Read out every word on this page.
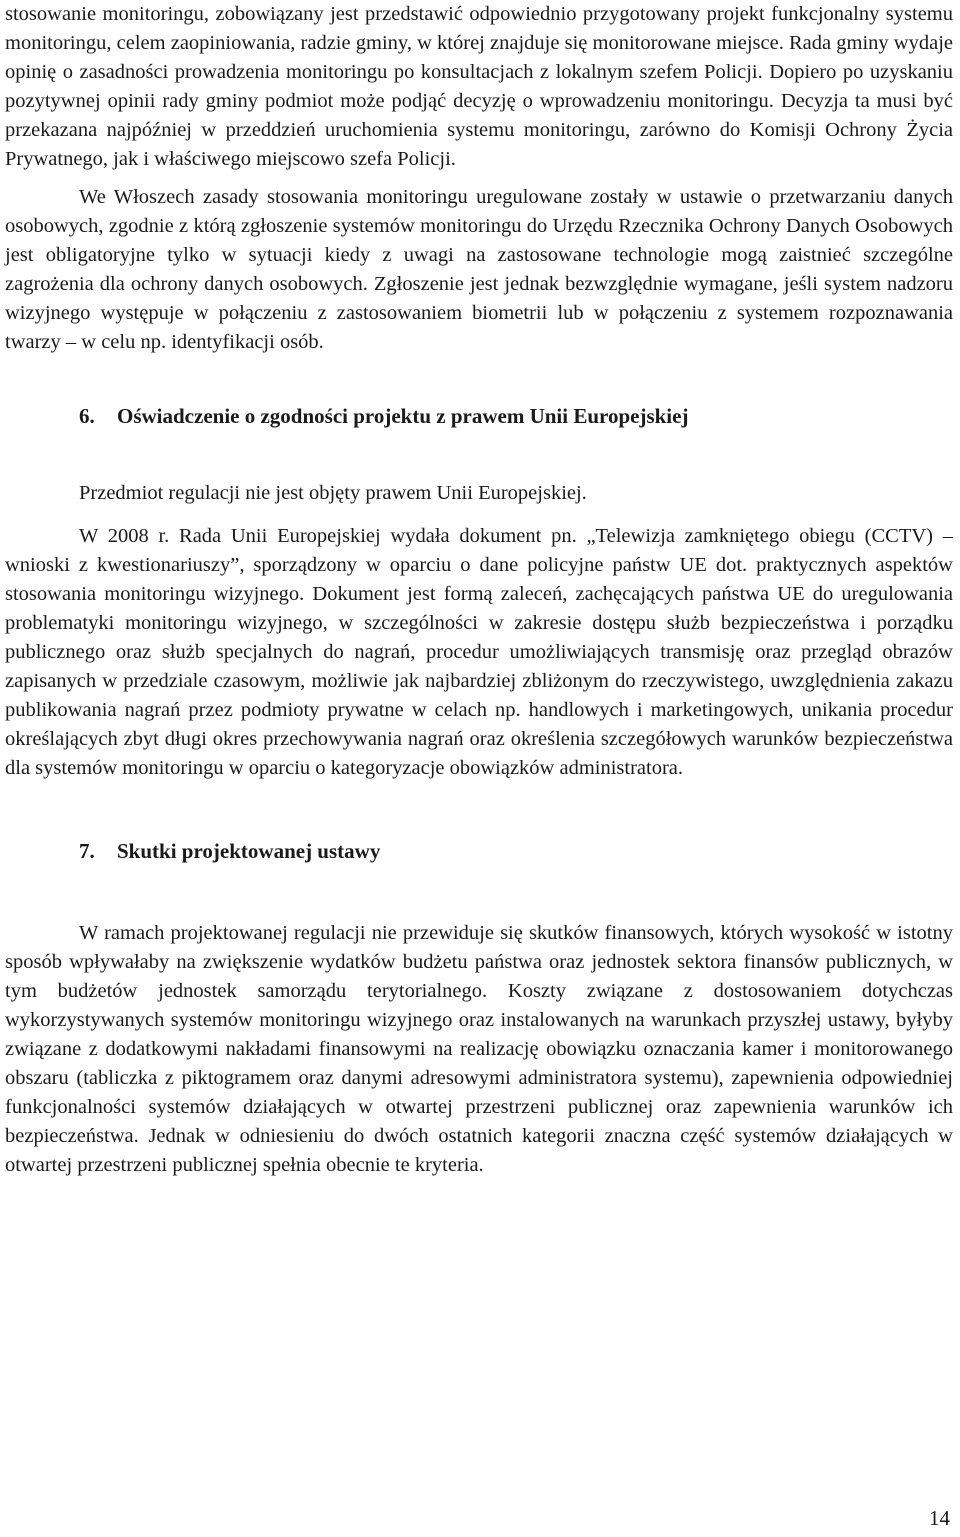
stosowanie monitoringu, zobowiązany jest przedstawić odpowiednio przygotowany projekt funkcjonalny systemu monitoringu, celem zaopiniowania, radzie gminy, w której znajduje się monitorowane miejsce. Rada gminy wydaje opinię o zasadności prowadzenia monitoringu po konsultacjach z lokalnym szefem Policji. Dopiero po uzyskaniu pozytywnej opinii rady gminy podmiot może podjąć decyzję o wprowadzeniu monitoringu. Decyzja ta musi być przekazana najpóźniej w przeddzień uruchomienia systemu monitoringu, zarówno do Komisji Ochrony Życia Prywatnego, jak i właściwego miejscowo szefa Policji.

We Włoszech zasady stosowania monitoringu uregulowane zostały w ustawie o przetwarzaniu danych osobowych, zgodnie z którą zgłoszenie systemów monitoringu do Urzędu Rzecznika Ochrony Danych Osobowych jest obligatoryjne tylko w sytuacji kiedy z uwagi na zastosowane technologie mogą zaistnieć szczególne zagrożenia dla ochrony danych osobowych. Zgłoszenie jest jednak bezwzględnie wymagane, jeśli system nadzoru wizyjnego występuje w połączeniu z zastosowaniem biometrii lub w połączeniu z systemem rozpoznawania twarzy – w celu np. identyfikacji osób.

6. Oświadczenie o zgodności projektu z prawem Unii Europejskiej

Przedmiot regulacji nie jest objęty prawem Unii Europejskiej.

W 2008 r. Rada Unii Europejskiej wydała dokument pn. „Telewizja zamkniętego obiegu (CCTV) – wnioski z kwestionariuszy”, sporządzony w oparciu o dane policyjne państw UE dot. praktycznych aspektów stosowania monitoringu wizyjnego. Dokument jest formą zaleceń, zachęcających państwa UE do uregulowania problematyki monitoringu wizyjnego, w szczególności w zakresie dostępu służb bezpieczeństwa i porządku publicznego oraz służb specjalnych do nagrań, procedur umożliwiających transmisję oraz przegląd obrazów zapisanych w przedziale czasowym, możliwie jak najbardziej zbliżonym do rzeczywistego, uwzględnienia zakazu publikowania nagrań przez podmioty prywatne w celach np. handlowych i marketingowych, unikania procedur określających zbyt długi okres przechowywania nagrań oraz określenia szczegółowych warunków bezpieczeństwa dla systemów monitoringu w oparciu o kategoryzacje obowiązków administratora.

7. Skutki projektowanej ustawy

W ramach projektowanej regulacji nie przewiduje się skutków finansowych, których wysokość w istotny sposób wpływałaby na zwiększenie wydatków budżetu państwa oraz jednostek sektora finansów publicznych, w tym budżetów jednostek samorządu terytorialnego. Koszty związane z dostosowaniem dotychczas wykorzystywanych systemów monitoringu wizyjnego oraz instalowanych na warunkach przyszłej ustawy, byłyby związane z dodatkowymi nakładami finansowymi na realizację obowiązku oznaczania kamer i monitorowanego obszaru (tabliczka z piktogramem oraz danymi adresowymi administratora systemu), zapewnienia odpowiedniej funkcjonalności systemów działających w otwartej przestrzeni publicznej oraz zapewnienia warunków ich bezpieczeństwa. Jednak w odniesieniu do dwóch ostatnich kategorii znaczna część systemów działających w otwartej przestrzeni publicznej spełnia obecnie te kryteria.

14
